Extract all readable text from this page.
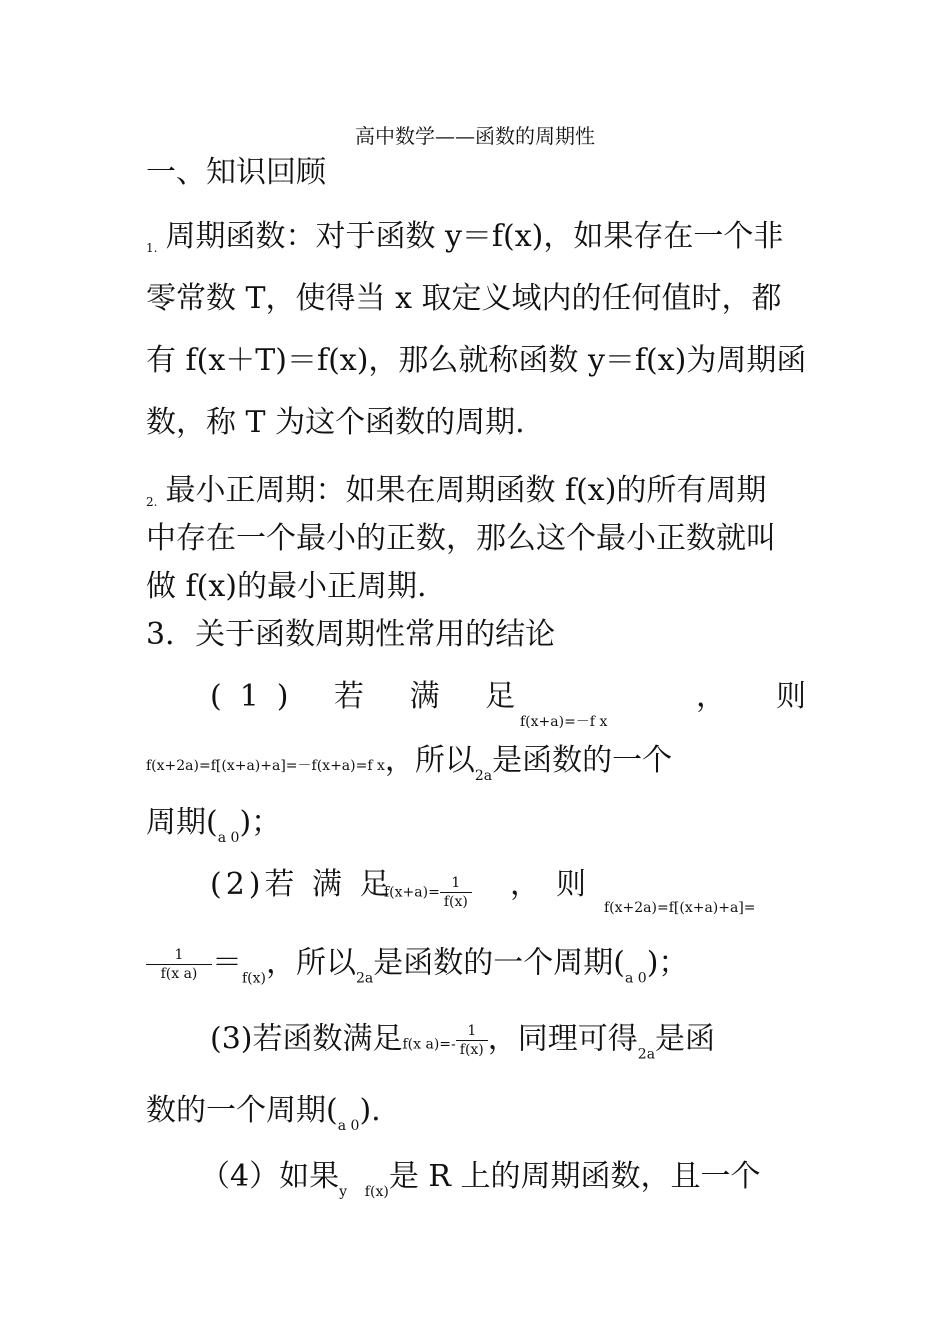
高中数学——函数的周期性
一、知识回顾
$_{1.}$ 周期函数：对于函数 y＝f(x)，如果存在一个非
零常数 T，使得当 x 取定义域内的任何值时，都
有 f(x＋T)＝f(x)，那么就称函数 y＝f(x)为周期函
数，称 T 为这个函数的周期.
$_{2.}$ 最小正周期：如果在周期函数 f(x)的所有周期
中存在一个最小的正数，那么这个最小正数就叫
做 f(x)的最小正周期.
3．关于函数周期性常用的结论
(1) 若 满 足
f(x+a)=－f x
， 则
f(x+2a)=f[(x+a)+a]=－f(x+a)=f x，所以$_{2a}$是函数的一个
周期$(_{a 0})$；
(2)若 满 足
$f(x+a)= \frac{1}{f(x)}$ ， 则
f(x+2a)=f[(x+a)+a]=
$\frac{1}{\text{f(x a)}} =_{f(x)}$，所以$_{2a}$是函数的一个周期$(_{a 0})$；
(3)若函数满足f(x $a)=- \frac{1}{f(x)}$ ，同理可得$_{2a}$是函
数的一个周期$(_{a 0})$.
（4）如果$_{y f(x)}$是 R 上的周期函数，且一个
